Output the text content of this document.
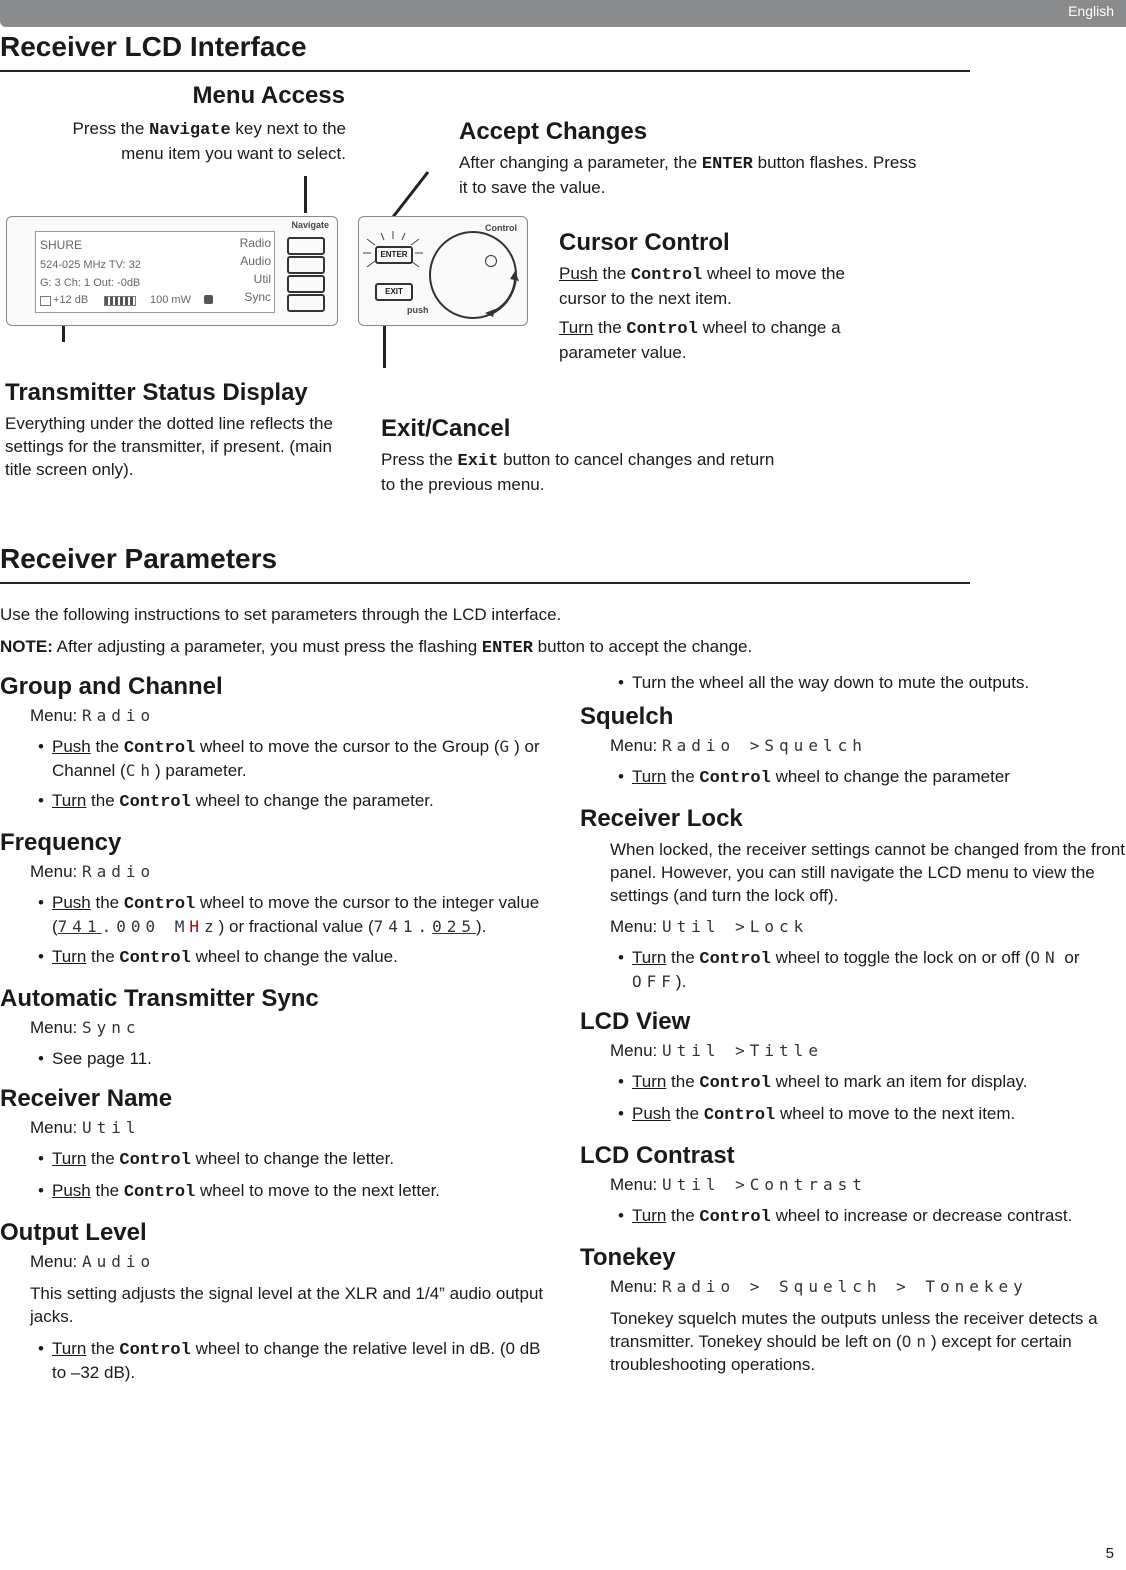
English
Receiver LCD Interface
Menu Access
Press the Navigate key next to the menu item you want to select.
Accept Changes
After changing a parameter, the ENTER button flashes. Press it to save the value.
Cursor Control
Push the Control wheel to move the cursor to the next item.
Turn the Control wheel to change a parameter value.
Transmitter Status Display
Everything under the dotted line reflects the settings for the transmitter, if present. (main title screen only).
Exit/Cancel
Press the Exit button to cancel changes and return to the previous menu.
Navigate
SHURE
524-025 MHz TV: 32
G: 3 Ch: 1 Out: -0dB
+12 dB	100 mW
Radio
Audio
Util
Sync
Control
ENTER
EXIT
push
Receiver Parameters
Use the following instructions to set parameters through the LCD interface.
NOTE: After adjusting a parameter, you must press the flashing ENTER button to accept the change.
Group and Channel
Menu: Radio
• Push the Control wheel to move the cursor to the Group (G) or Channel (Ch) parameter.
• Turn the Control wheel to change the parameter.
Frequency
Menu: Radio
• Push the Control wheel to move the cursor to the integer value (741.000 MHz) or fractional value (741.025).
• Turn the Control wheel to change the value.
Automatic Transmitter Sync
Menu: Sync
• See page 11.
Receiver Name
Menu: Util
• Turn the Control wheel to change the letter.
• Push the Control wheel to move to the next letter.
Output Level
Menu: Audio

This setting adjusts the signal level at the XLR and 1/4” audio output jacks.

• Turn the Control wheel to change the relative level in dB. (0 dB to –32 dB).
• Turn the wheel all the way down to mute the outputs.
Squelch
Menu: Radio >Squelch
• Turn the Control wheel to change the parameter
Receiver Lock

When locked, the receiver settings cannot be changed from the front panel. However, you can still navigate the LCD menu to view the settings (and turn the lock off).

Menu: Util >Lock
• Turn the Control wheel to toggle the lock on or off (ON or OFF).
LCD View
Menu: Util >Title
• Turn the Control wheel to mark an item for display.
• Push the Control wheel to move to the next item.
LCD Contrast
Menu: Util >Contrast
• Turn the Control wheel to increase or decrease contrast.
Tonekey
Menu: Radio > Squelch > Tonekey

Tonekey squelch mutes the outputs unless the receiver detects a transmitter. Tonekey should be left on (On) except for certain troubleshooting operations.

5
